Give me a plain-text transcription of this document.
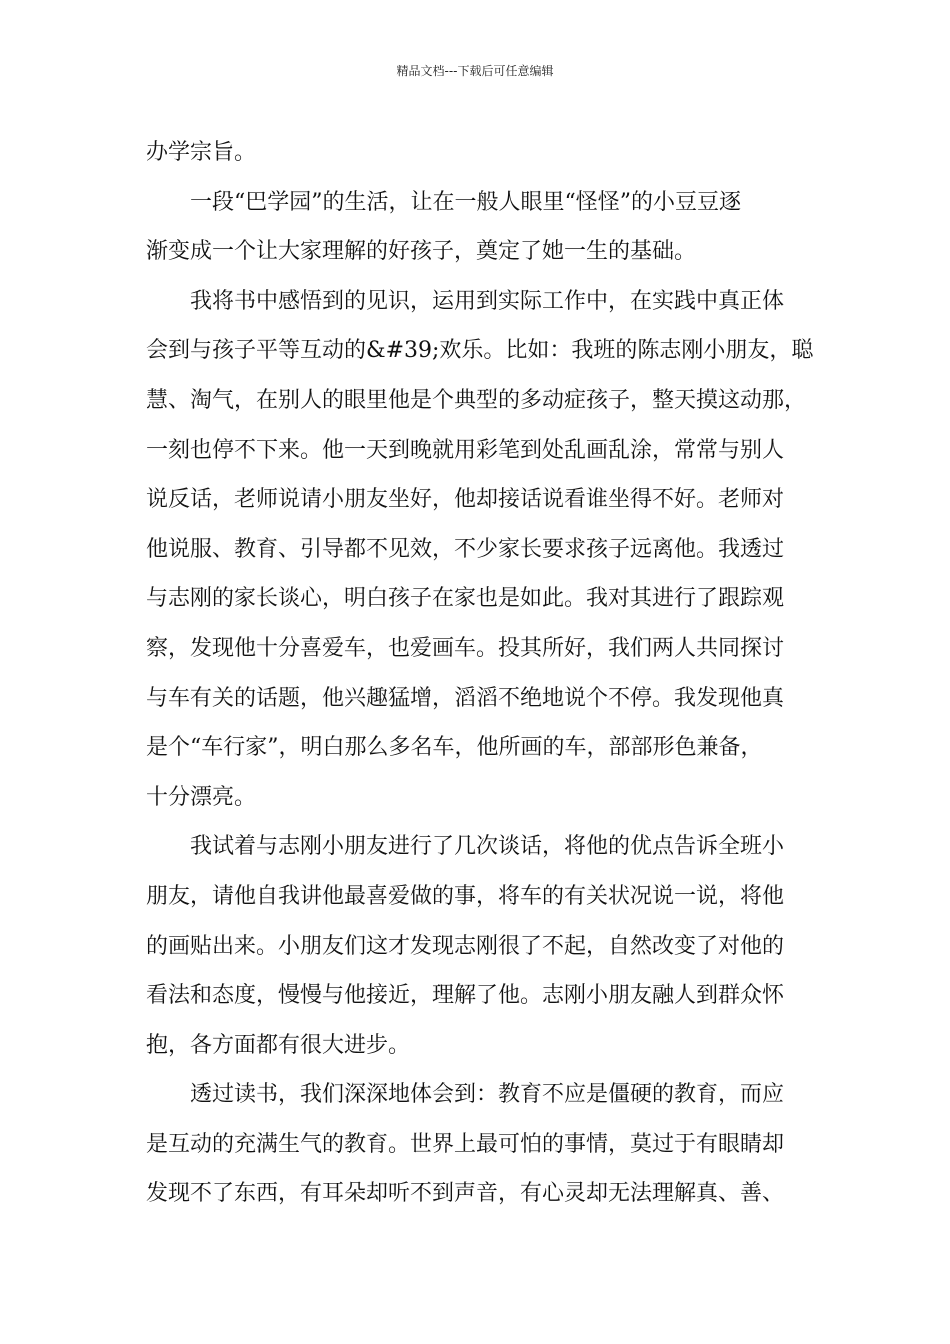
精品文档---下载后可任意编辑
办学宗旨。
　　一段“巴学园”的生活，让在一般人眼里“怪怪”的小豆豆逐
渐变成一个让大家理解的好孩子，奠定了她一生的基础。
　　我将书中感悟到的见识，运用到实际工作中，在实践中真正体
会到与孩子平等互动的&#39;欢乐。比如：我班的陈志刚小朋友，聪
慧、淘气，在别人的眼里他是个典型的多动症孩子，整天摸这动那，
一刻也停不下来。他一天到晚就用彩笔到处乱画乱涂，常常与别人
说反话，老师说请小朋友坐好，他却接话说看谁坐得不好。老师对
他说服、教育、引导都不见效，不少家长要求孩子远离他。我透过
与志刚的家长谈心，明白孩子在家也是如此。我对其进行了跟踪观
察，发现他十分喜爱车，也爱画车。投其所好，我们两人共同探讨
与车有关的话题，他兴趣猛增，滔滔不绝地说个不停。我发现他真
是个“车行家”，明白那么多名车，他所画的车，部部形色兼备，
十分漂亮。
　　我试着与志刚小朋友进行了几次谈话，将他的优点告诉全班小
朋友，请他自我讲他最喜爱做的事，将车的有关状况说一说，将他
的画贴出来。小朋友们这才发现志刚很了不起，自然改变了对他的
看法和态度，慢慢与他接近，理解了他。志刚小朋友融人到群众怀
抱，各方面都有很大进步。
　　透过读书，我们深深地体会到：教育不应是僵硬的教育，而应
是互动的充满生气的教育。世界上最可怕的事情，莫过于有眼睛却
发现不了东西，有耳朵却听不到声音，有心灵却无法理解真、善、
